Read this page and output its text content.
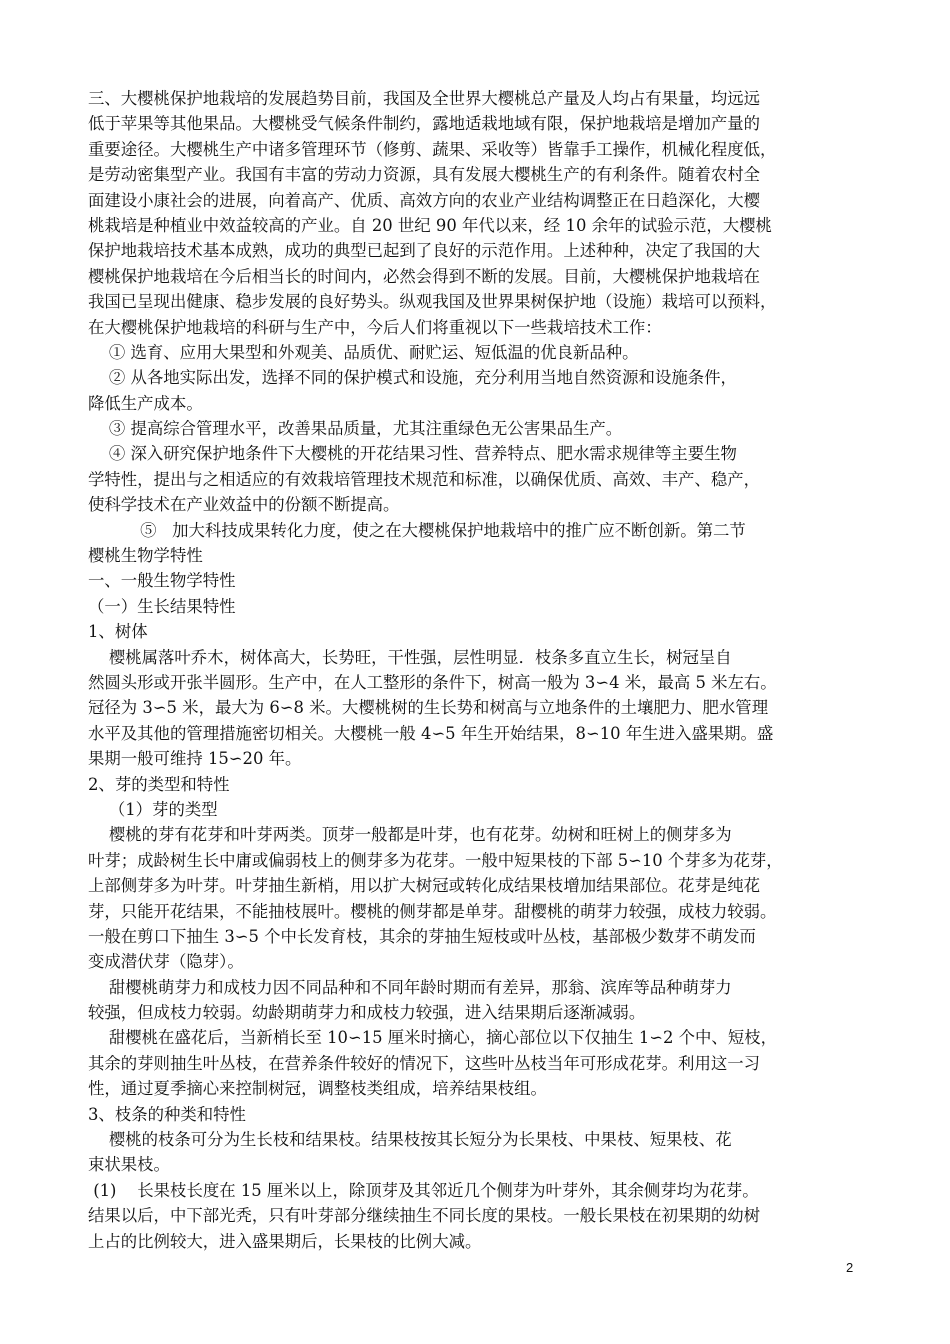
三、大樱桃保护地栽培的发展趋势目前，我国及全世界大樱桃总产量及人均占有果量，均远远
低于苹果等其他果品。大樱桃受气候条件制约，露地适栽地域有限，保护地栽培是增加产量的
重要途径。大樱桃生产中诸多管理环节（修剪、蔬果、采收等）皆靠手工操作，机械化程度低，
是劳动密集型产业。我国有丰富的劳动力资源，具有发展大樱桃生产的有利条件。随着农村全
面建设小康社会的进展，向着高产、优质、高效方向的农业产业结构调整正在日趋深化，大樱
桃栽培是种植业中效益较高的产业。自 20 世纪 90 年代以来，经 10 余年的试验示范，大樱桃
保护地栽培技术基本成熟，成功的典型已起到了良好的示范作用。上述种种，决定了我国的大
樱桃保护地栽培在今后相当长的时间内，必然会得到不断的发展。目前，大樱桃保护地栽培在
我国已呈现出健康、稳步发展的良好势头。纵观我国及世界果树保护地（设施）栽培可以预料，
在大樱桃保护地栽培的科研与生产中，今后人们将重视以下一些栽培技术工作：
① 选育、应用大果型和外观美、品质优、耐贮运、短低温的优良新品种。
② 从各地实际出发，选择不同的保护模式和设施，充分利用当地自然资源和设施条件，
降低生产成本。
③ 提高综合管理水平，改善果品质量，尤其注重绿色无公害果品生产。
④ 深入研究保护地条件下大樱桃的开花结果习性、营养特点、肥水需求规律等主要生物
学特性，提出与之相适应的有效栽培管理技术规范和标准，以确保优质、高效、丰产、稳产，
使科学技术在产业效益中的份额不断提高。
⑤   加大科技成果转化力度，使之在大樱桃保护地栽培中的推广应不断创新。第二节
樱桃生物学特性
一、一般生物学特性
（一）生长结果特性
1、树体
樱桃属落叶乔木，树体高大，长势旺，干性强，层性明显．枝条多直立生长，树冠呈自
然圆头形或开张半圆形。生产中，在人工整形的条件下，树高一般为 3∽4 米，最高 5 米左右。
冠径为 3∽5 米，最大为 6∽8 米。大樱桃树的生长势和树高与立地条件的土壤肥力、肥水管理
水平及其他的管理措施密切相关。大樱桃一般 4∽5 年生开始结果，8∽10 年生进入盛果期。盛
果期一般可维持 15∽20 年。
2、芽的类型和特性
（1）芽的类型
樱桃的芽有花芽和叶芽两类。顶芽一般都是叶芽，也有花芽。幼树和旺树上的侧芽多为
叶芽；成龄树生长中庸或偏弱枝上的侧芽多为花芽。一般中短果枝的下部 5∽10 个芽多为花芽，
上部侧芽多为叶芽。叶芽抽生新梢，用以扩大树冠或转化成结果枝增加结果部位。花芽是纯花
芽，只能开花结果，不能抽枝展叶。樱桃的侧芽都是单芽。甜樱桃的萌芽力较强，成枝力较弱。
一般在剪口下抽生 3∽5 个中长发育枝，其余的芽抽生短枝或叶丛枝，基部极少数芽不萌发而
变成潜伏芽（隐芽）。
甜樱桃萌芽力和成枝力因不同品种和不同年龄时期而有差异，那翁、滨库等品种萌芽力
较强，但成枝力较弱。幼龄期萌芽力和成枝力较强，进入结果期后逐渐减弱。
甜樱桃在盛花后，当新梢长至 10∽15 厘米时摘心，摘心部位以下仅抽生 1∽2 个中、短枝，
其余的芽则抽生叶丛枝，在营养条件较好的情况下，这些叶丛枝当年可形成花芽。利用这一习
性，通过夏季摘心来控制树冠，调整枝类组成，培养结果枝组。
3、枝条的种类和特性
樱桃的枝条可分为生长枝和结果枝。结果枝按其长短分为长果枝、中果枝、短果枝、花
束状果枝。
(1)    长果枝长度在 15 厘米以上，除顶芽及其邻近几个侧芽为叶芽外，其余侧芽均为花芽。
结果以后，中下部光秃，只有叶芽部分继续抽生不同长度的果枝。一般长果枝在初果期的幼树
上占的比例较大，进入盛果期后，长果枝的比例大减。
2
